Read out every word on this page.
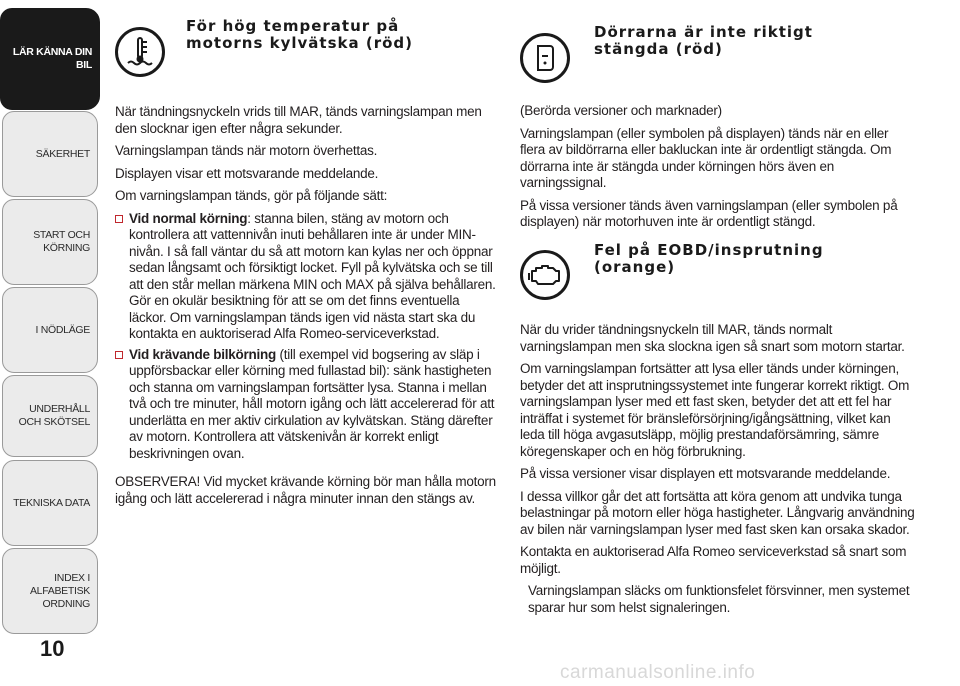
LÄR KÄNNA DIN BIL
SÄKERHET
START OCH KÖRNING
I NÖDLÄGE
UNDERHÅLL OCH SKÖTSEL
TEKNISKA DATA
INDEX I ALFABETISK ORDNING
10
För hög temperatur på
motorns kylvätska (röd)

När tändningsnyckeln vrids till MAR, tänds varningslampan men den slocknar igen efter några sekunder.

Varningslampan tänds när motorn överhettas.

Displayen visar ett motsvarande meddelande.

Om varningslampan tänds, gör på följande sätt:

Vid normal körning: stanna bilen, stäng av motorn och kontrollera att vattennivån inuti behållaren inte är under MIN-nivån. I så fall väntar du så att motorn kan kylas ner och öppnar sedan långsamt och försiktigt locket. Fyll på kylvätska och se till att den står mellan märkena MIN och MAX på själva behållaren. Gör en okulär besiktning för att se om det finns eventuella läckor. Om varningslampan tänds igen vid nästa start ska du kontakta en auktoriserad Alfa Romeo-serviceverkstad.
Vid krävande bilkörning (till exempel vid bogsering av släp i uppförsbackar eller körning med fullastad bil): sänk hastigheten och stanna om varningslampan fortsätter lysa. Stanna i mellan två och tre minuter, håll motorn igång och lätt accelererad för att underlätta en mer aktiv cirkulation av kylvätskan. Stäng därefter av motorn. Kontrollera att vätskenivån är korrekt enligt beskrivningen ovan.

OBSERVERA! Vid mycket krävande körning bör man hålla motorn igång och lätt accelererad i några minuter innan den stängs av.

Dörrarna är inte riktigt
stängda (röd)

(Berörda versioner och marknader)

Varningslampan (eller symbolen på displayen) tänds när en eller flera av bildörrarna eller bakluckan inte är ordentligt stängda. Om dörrarna inte är stängda under körningen hörs även en varningssignal.

På vissa versioner tänds även varningslampan (eller symbolen på displayen) när motorhuven inte är ordentligt stängd.

Fel på EOBD/insprutning
(orange)

När du vrider tändningsnyckeln till MAR, tänds normalt varningslampan men ska slockna igen så snart som motorn startar.

Om varningslampan fortsätter att lysa eller tänds under körningen, betyder det att insprutningssystemet inte fungerar korrekt riktigt. Om varningslampan lyser med ett fast sken, betyder det att ett fel har inträffat i systemet för bränsleförsörjning/igångsättning, vilket kan leda till höga avgasutsläpp, möjlig prestandaförsämring, sämre köregenskaper och en hög förbrukning.

På vissa versioner visar displayen ett motsvarande meddelande.

I dessa villkor går det att fortsätta att köra genom att undvika tunga belastningar på motorn eller höga hastigheter. Långvarig användning av bilen när varningslampan lyser med fast sken kan orsaka skador.

Kontakta en auktoriserad Alfa Romeo serviceverkstad så snart som möjligt.

Varningslampan släcks om funktionsfelet försvinner, men systemet sparar hur som helst signaleringen.

carmanualsonline.info
